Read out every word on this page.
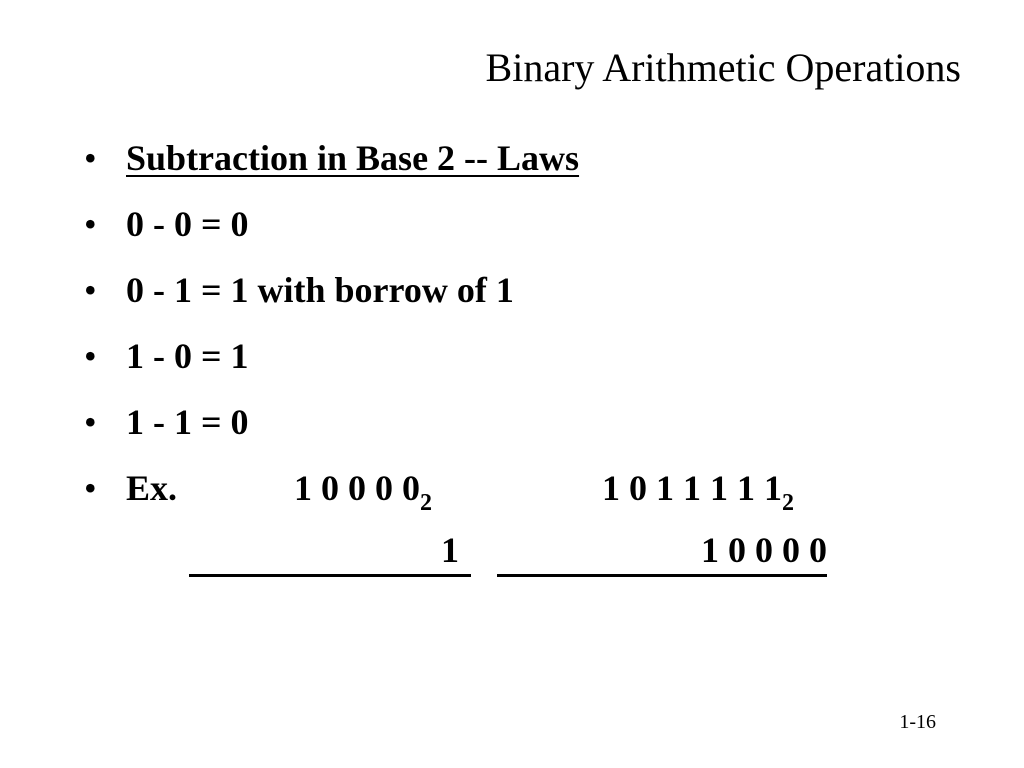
Binary Arithmetic Operations
• Subtraction in Base 2 -- Laws
• 0 - 0 = 0
• 0 - 1 = 1 with borrow of 1
• 1 - 0 = 1
• 1 - 1 = 0
• Ex.	1 0 0 0 $0_2$	1 0 1 1 1 1 $1_2$
1	1 0 0 0 0
1-16
